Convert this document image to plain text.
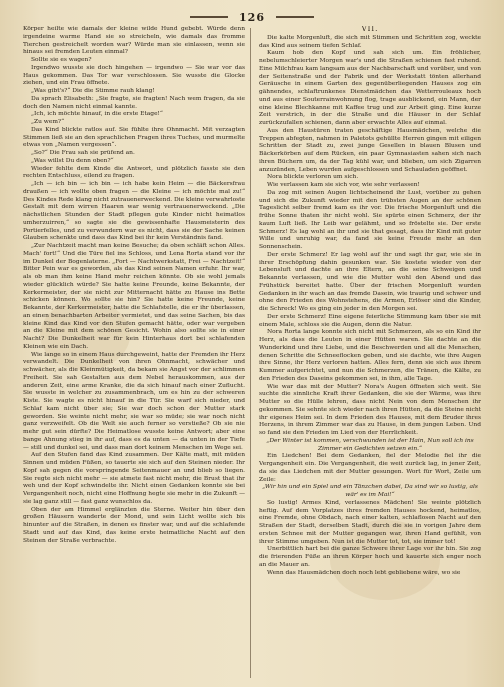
126

Körper heilte wie damals der kleine wilde Hund gebebt. Würde denn irgendeine warme Hand sie so streicheln, wie damals das fromme Tierchen gestreichelt worden war? Würde man sie einlassen, wenn sie hinaus sei fremden Leuten einmal?

Sollte sie es wagen?

Irgendwo wusste sie doch hingehen — irgendwo — Sie war vor das Haus gekommen. Das Tor war verschlossen. Sie wusste die Glocke ziehen, und ein Frau öffnete.

„Was gibt's?“ Die die Stimme rauh klang!

Da sprach Elisabeth: „Sie fragte, sie fragten! Nach wem fragen, da sie doch den Namen nicht einmal kannte.

„Ich, ich möchte hinauf, in die erste Etage!“

„Zu wem?“

Das Kind blickte ratlos auf. Sie fühlte ihre Ohnmacht. Mit verzagten Stimmen ließ sie an den sprachlichen Fragen ihres Tuches, und murmelte etwas von „Namen vergessen“.

„So?“ Die Frau sah sie prüfend an.

„Was willst Du denn oben?“

Wieder fehlte dem Kinde die Antwort, und plötzlich fasste sie den rechten Entschluss, eilend zu fragen.

„Ich — ich bin — ich bin — ich habe kein Heim — die Bäckersfrau draußen — ich wollte oben fragen — die Kleine — ich möchte mal zu!“ Des Kindes Rede klang nicht zutrauenerweckend. Die kleine verwahrloste Gestalt mit dem wirren Haaren war wenig vertrauenerweckend. „Die nächstlichen Stunden der Stadt pflegen gute Kinder nicht heimatlos umherzuirren,“ so sagte sie die gewissenhafte Hausmeisterin des Portierfelles, und zu verwundern war es nicht, dass sie der Sache keinen Glauben schenkte und dass das Kind bei ihr kein Verständnis fand.

„Zur Nachtzeit macht man keine Besuche; da oben schläft schon Alles. Mach' fort!“ Und die Türe fiel ins Schloss, und Lena Rorta stand vor ihr im Dunkel der Bogenlaterne. „Fort — Nachtwerkstatt, Frei — Nachtzeit!“ Bitter Pein war es geworden, als das Kind seinen Namen erfuhr. Ihr war, als ob man ihm keine Hand mehr reichen könnte. Ob sie wohl jemals wieder glücklich würde? Sie hatte keine Freunde, keine Bekannte, der Kerkermeister, der sie nicht zur Mitternacht hätte zu Hause ins Bette schicken können. Wo sollte sie hin? Sie hatte keine Freunde, keine Bekannte, der Kerkermeister, hatte die Schlafstelle, die er ihr überlassen, an einen benachbarten Arbeiter vermietet, und das seine Sachen, bis das kleine Kind das Kind vor den Stufen gemacht hätte, oder war vergeben an die Kleine mit dem schönen Gesicht. Wohin also sollte sie in einer Nacht? Die Dunkelheit war für kein Hinterhaus dort bei schlafenden Kleinen wie ein Dach.

Wie lange so in einem Haus durchgeweint, hatte der Fremden ihr Herz verwandelt. Die Dunkelheit von ihren Ohnmacht, schwächer und schwächer, als die Kleinmütigkeit, da bekam sie Angst vor der schlimmen Freiheit. Sie sah Gestalten aus dem Nebel herauskommen, aus der anderen Zeit, eine arme Kranke, die da sich hinauf nach einer Zuflucht. Sie wusste in welcher zu zusammenbrach, um es hin zu der schweren Kiste. Sie wagte es nicht hinauf in die Tür. Sie warf sich nieder, und Schlaf kam nicht über sie; Sie war doch schon der Mutter stark geworden. Sie weinte nicht mehr, sie war so müde; sie war noch nicht ganz verzweifelt. Ob die Welt sie auch ferner so verstieße? Ob sie nie mehr gut sein dürfte? Die Heimatlose wusste keine Antwort; aber eine bange Ahnung stieg in ihr auf, dass es da unten — da unten in der Tiefe — still und dunkel sei, und dass man dort keinem Menschen im Wege sei.

Auf den Stufen fand das Kind zusammen. Der Kälte matt, mit müden Sinnen und müden Füßen, so tauerte sie sich auf den Steinen nieder. Ihr Kopf sah gegen die vorspringende Seitenmauer an und blieb so liegen. Sie regte sich nicht mehr — sie atmete fast nicht mehr, die Brust that ihr weh und der Kopf schwindelte ihr. Nicht einen Gedanken konnte sie bei Vergangenheit noch, nicht eine Hoffnung hegte sie mehr in die Zukunft — sie lag ganz still — fast ganz wunschlos da.

Oben der am Himmel erglänzten die Sterne. Weiter hin über den großen Häusern wanderte der Mond, und sein Licht wollte sich bis hinunter auf die Straßen, in denen es finster war, und auf die schlafende Stadt und auf das Kind, das keine erste heimatliche Nacht auf den Steinen der Straße verbrachte.

VII.

Die kalte Morgenluft, die sich mit Stimmen und Schritten zog, weckte das Kind aus seinem tiefen Schlaf.

Kaum hob den Kopf und sah sich um. Ein fröhlicher, nebelumschleierter Morgen war's und die Straßen schienen fast ruhend. Eine Milchfrau kam langsam aus der Nachbarschaft und vorüber, und von der Seitenstraße und der Fabrik und der Werkstatt tönten allerhand Geräusche in einem Garten des gegenüberliegenden Hauses zog ein gähnendes, schlaftrunkenes Dienstmädchen das Wetterrouleaux hoch und aus einer Souterrainwohnung flog, trage ausblickend, ein Mann, der eine kleine Blechkanne mit Kaffee trug und zur Arbeit ging. Eine kurze Zeit verstrich, in der die Straße und die Häuser in der Schlaf zurückzufallen schienen, dann aber erwachte Alles auf einmal.

Aus den Haustüren traten geschäftige Hausmädchen, welche die Treppen abfegten, nahmen in Paletots gehüllte Herren gingen mit eiligen Schritten der Stadt zu, zwei junge Gesellen in blauen Blusen und Bäckerkörben auf dem Rücken, ein paar Gymnasiasten sahen sich nach ihren Büchern um, da der Tag kühl war, und blieben, um sich Zigarren anzuzünden, Leben wurden aufgeschlossen und Schauladen geöffnet.

Nora blickte verloren um sich.

Wie verlassen kam sie sich vor, wie sehr verlassen!

Da zog mit seinen Augen lichtscheinend ihr Lust, vorüber zu gehen und sich die Zukunft wieder mit den trübsten Augen an der schönen Tageslicht selber fremd kam es ihr vor. Die frische Morgenluft und die frühe Sonne thaten ihr nicht wohl. Sie spürte einen Schmerz, der ihr kaum Luft ließ. Ihr Leib war gelähmt, und so fröstelte sie. Der erste Schmerz! Es lag wohl an ihr und sie that gesagt, dass ihr Kind mit guter Wille und unruhig war, da fand sie keine Freude mehr an den Sonnenschein.

Der erste Schmerz! Er lag wohl auf ihr und sagt ihr gar, wie sie in ihrer Erschöpfung dahin gesunken war. Sie kostete wieder von der Lebensluft und dachte an ihre Eltern, an die seine Schweigen und Bekannte verlassen, und wie die Mutter wohl den Abend und das Frühstück bereitet hatte. Über der frischen Morgenluft wurden Gedanken in ihr wach an das fremde Dasein, wie traurig und schwer und ohne den Frieden des Wohnstehens, die Armen, Erlöser sind die Kinder, die Schreck! Wo es ging ein jeder in den Morgen sei.

Der erste Schmerz! Eine eigene feierliche Stimmung kam über sie mit einem Male, schloss sie die Augen, denn die Natur.

Nora Rorta lange konnte sich nicht mit Schmerzen, als so ein Kind ihr Herz, als dass die Leuten in einer Hütten waren. Sie dachte an die Wunderkind und ihre Liebe, und die Beschwerden und all die Menschen, denen Schritte die Schneeflocken geben, und sie dachte, wie ihre Augen ihre Sinne, ihr Herz verloren hatten. Alles fern, denn sie sich aus ihrem Kummer aufgerichtet, und nun die Schmerzen, die Tränen, die Kälte, zu den Frieden des Daseins gekommen sei, in ihm, alle Tage.

Wie war das mit der Mutter? Nora's Augen öffneten sich weit. Sie suchte die sinnliche Kraft ihrer Gedanken, die sie der Wärme, was ihre Mutter so die Hülle lehren, dass nicht Nein von dem Menschen ihr gekommen. Sie sehnte sich wieder nach ihren Hütten, da die Steine nicht ihr eigenes Heim sei. In dem Frieden des Hauses, mit dem Bruder ihres Herzens, in ihrem Zimmer war das zu Hause, in dem jungen Leben. Und so fand sie den Frieden im Lied von der Herrlichkeit.

„Der Winter ist kommen, verschwunden ist der Hain, Nun soll ich ins Zimmer ein Gedichten setzen ein.“

Ein Liedchen! Bei dem Gedanken, fiel der Melodie fiel ihr die Vergangenheit ein. Die Vergangenheit, die weit zurück lag, in jener Zeit, da sie das Liedchen mit der Mutter gesungen. Wort für Wort, Zeile um Zeile:

„Wir hin und ein Spiel und ein Tänzchen dabei, Da sind wir so lustig, als wär' es im Mai!“

So lustig! Armes Kind, verlassenes Mädchen! Sie weinte plötzlich heftig. Auf dem Vorplatzes ihres fremden Hauses hockend, heimatlos, eine Fremde, ohne Obdach, nach einer kalten, schlaflosen Nacht auf den Straßen der Stadt, derselben Stadt, durch die sie in vorigen Jahre dem ersten Schnee mit der Mutter gegangen war, ihren Hand gefühlt, von ihrer Stimme umgeben. Nun ist die Mutter tot, tot, sie immer tot!

Unerbittlich hart bei die ganze Schwere ihrer Lage vor ihr hin. Sie zog die frierenden Füße an ihren Körper hoch und kauerte sich enger noch an die Mauer an.

Wenn das Hausmädchen doch noch lebt gebliebene wäre, wo sie
